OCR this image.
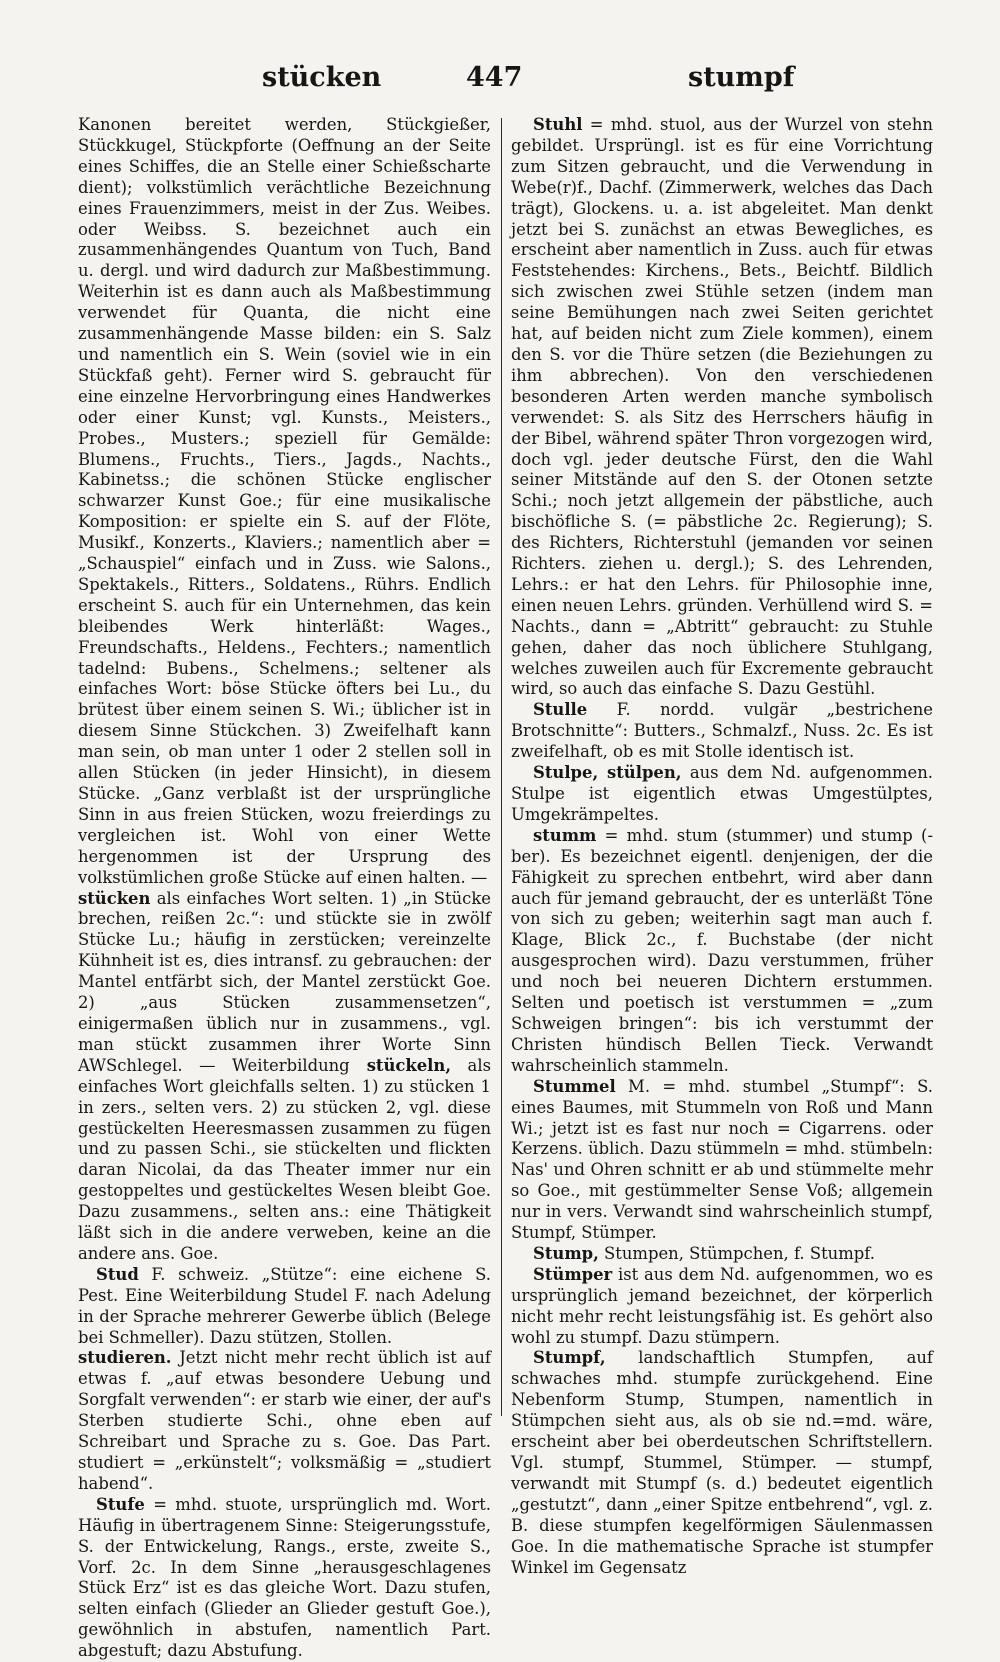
stücken	447	stumpf

Kanonen bereitet werden, Stückgießer, Stückkugel, Stückpforte (Oeffnung an der Seite eines Schiffes, die an Stelle einer Schießscharte dient); volkstümlich verächtliche Bezeichnung eines Frauenzimmers, meist in der Zus. Weibes. oder Weibss. S. bezeichnet auch ein zusammenhängendes Quantum von Tuch, Band u. dergl. und wird dadurch zur Maßbestimmung. Weiterhin ist es dann auch als Maßbestimmung verwendet für Quanta, die nicht eine zusammenhängende Masse bilden: ein S. Salz und namentlich ein S. Wein (soviel wie in ein Stückfaß geht). Ferner wird S. gebraucht für eine einzelne Hervorbringung eines Handwerkes oder einer Kunst; vgl. Kunsts., Meisters., Probes., Musters.; speziell für Gemälde: Blumens., Fruchts., Tiers., Jagds., Nachts., Kabinetss.; die schönen Stücke englischer schwarzer Kunst Goe.; für eine musikalische Komposition: er spielte ein S. auf der Flöte, Musikf., Konzerts., Klaviers.; namentlich aber = „Schauspiel“ einfach und in Zuss. wie Salons., Spektakels., Ritters., Soldatens., Rührs. Endlich erscheint S. auch für ein Unternehmen, das kein bleibendes Werk hinterläßt: Wages., Freundschafts., Heldens., Fechters.; namentlich tadelnd: Bubens., Schelmens.; seltener als einfaches Wort: böse Stücke öfters bei Lu., du brütest über einem seinen S. Wi.; üblicher ist in diesem Sinne Stückchen. 3) Zweifelhaft kann man sein, ob man unter 1 oder 2 stellen soll in allen Stücken (in jeder Hinsicht), in diesem Stücke. „Ganz verblaßt ist der ursprüngliche Sinn in aus freien Stücken, wozu freierdings zu vergleichen ist. Wohl von einer Wette hergenommen ist der Ursprung des volkstümlichen große Stücke auf einen halten. —

stücken als einfaches Wort selten. 1) „in Stücke brechen, reißen 2c.“: und stückte sie in zwölf Stücke Lu.; häufig in zerstücken; vereinzelte Kühnheit ist es, dies intransf. zu gebrauchen: der Mantel entfärbt sich, der Mantel zerstückt Goe. 2) „aus Stücken zusammensetzen“, einigermaßen üblich nur in zusammens., vgl. man stückt zusammen ihrer Worte Sinn AWSchlegel. — Weiterbildung stückeln, als einfaches Wort gleichfalls selten. 1) zu stücken 1 in zers., selten vers. 2) zu stücken 2, vgl. diese gestückelten Heeresmassen zusammen zu fügen und zu passen Schi., sie stückelten und flickten daran Nicolai, da das Theater immer nur ein gestoppeltes und gestückeltes Wesen bleibt Goe. Dazu zusammens., selten ans.: eine Thätigkeit läßt sich in die andere verweben, keine an die andere ans. Goe.

Stud F. schweiz. „Stütze“: eine eichene S. Pest. Eine Weiterbildung Studel F. nach Adelung in der Sprache mehrerer Gewerbe üblich (Belege bei Schmeller). Dazu stützen, Stollen.

studieren. Jetzt nicht mehr recht üblich ist auf etwas f. „auf etwas besondere Uebung und Sorgfalt verwenden“: er starb wie einer, der auf's Sterben studierte Schi., ohne eben auf Schreibart und Sprache zu s. Goe. Das Part. studiert = „erkünstelt“; volksmäßig = „studiert habend“.

Stufe = mhd. stuote, ursprünglich md. Wort. Häufig in übertragenem Sinne: Steigerungsstufe, S. der Entwickelung, Rangs., erste, zweite S., Vorf. 2c. In dem Sinne „herausgeschlagenes Stück Erz“ ist es das gleiche Wort. Dazu stufen, selten einfach (Glieder an Glieder gestuft Goe.), gewöhnlich in abstufen, namentlich Part. abgestuft; dazu Abstufung.

Stuhl = mhd. stuol, aus der Wurzel von stehn gebildet. Ursprüngl. ist es für eine Vorrichtung zum Sitzen gebraucht, und die Verwendung in Webe(r)f., Dachf. (Zimmerwerk, welches das Dach trägt), Glockens. u. a. ist abgeleitet. Man denkt jetzt bei S. zunächst an etwas Bewegliches, es erscheint aber namentlich in Zuss. auch für etwas Feststehendes: Kirchens., Bets., Beichtf. Bildlich sich zwischen zwei Stühle setzen (indem man seine Bemühungen nach zwei Seiten gerichtet hat, auf beiden nicht zum Ziele kommen), einem den S. vor die Thüre setzen (die Beziehungen zu ihm abbrechen). Von den verschiedenen besonderen Arten werden manche symbolisch verwendet: S. als Sitz des Herrschers häufig in der Bibel, während später Thron vorgezogen wird, doch vgl. jeder deutsche Fürst, den die Wahl seiner Mitstände auf den S. der Otonen setzte Schi.; noch jetzt allgemein der päbstliche, auch bischöfliche S. (= päbstliche 2c. Regierung); S. des Richters, Richterstuhl (jemanden vor seinen Richters. ziehen u. dergl.); S. des Lehrenden, Lehrs.: er hat den Lehrs. für Philosophie inne, einen neuen Lehrs. gründen. Verhüllend wird S. = Nachts., dann = „Abtritt“ gebraucht: zu Stuhle gehen, daher das noch üblichere Stuhlgang, welches zuweilen auch für Excremente gebraucht wird, so auch das einfache S. Dazu Gestühl.

Stulle F. nordd. vulgär „bestrichene Brotschnitte“: Butters., Schmalzf., Nuss. 2c. Es ist zweifelhaft, ob es mit Stolle identisch ist.

Stulpe, stülpen, aus dem Nd. aufgenommen. Stulpe ist eigentlich etwas Umgestülptes, Umgekrämpeltes.

stumm = mhd. stum (stummer) und stump (-ber). Es bezeichnet eigentl. denjenigen, der die Fähigkeit zu sprechen entbehrt, wird aber dann auch für jemand gebraucht, der es unterläßt Töne von sich zu geben; weiterhin sagt man auch f. Klage, Blick 2c., f. Buchstabe (der nicht ausgesprochen wird). Dazu verstummen, früher und noch bei neueren Dichtern erstummen. Selten und poetisch ist verstummen = „zum Schweigen bringen“: bis ich verstummt der Christen hündisch Bellen Tieck. Verwandt wahrscheinlich stammeln.

Stummel M. = mhd. stumbel „Stumpf“: S. eines Baumes, mit Stummeln von Roß und Mann Wi.; jetzt ist es fast nur noch = Cigarrens. oder Kerzens. üblich. Dazu stümmeln = mhd. stümbeln: Nas' und Ohren schnitt er ab und stümmelte mehr so Goe., mit gestümmelter Sense Voß; allgemein nur in vers. Verwandt sind wahrscheinlich stumpf, Stumpf, Stümper.

Stump, Stumpen, Stümpchen, f. Stumpf.

Stümper ist aus dem Nd. aufgenommen, wo es ursprünglich jemand bezeichnet, der körperlich nicht mehr recht leistungsfähig ist. Es gehört also wohl zu stumpf. Dazu stümpern.

Stumpf, landschaftlich Stumpfen, auf schwaches mhd. stumpfe zurückgehend. Eine Nebenform Stump, Stumpen, namentlich in Stümpchen sieht aus, als ob sie nd.=md. wäre, erscheint aber bei oberdeutschen Schriftstellern. Vgl. stumpf, Stummel, Stümper. — stumpf, verwandt mit Stumpf (s. d.) bedeutet eigentlich „gestutzt“, dann „einer Spitze entbehrend“, vgl. z. B. diese stumpfen kegelförmigen Säulenmassen Goe. In die mathematische Sprache ist stumpfer Winkel im Gegensatz
